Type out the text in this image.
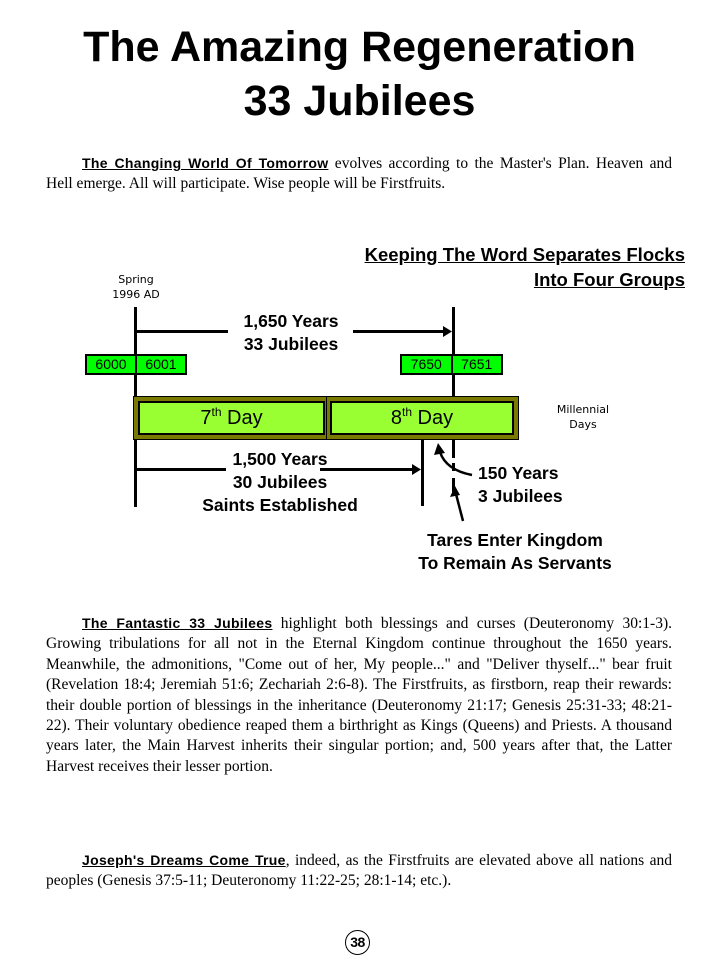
The Amazing Regeneration
33 Jubilees

The Changing World Of Tomorrow evolves according to the Master's Plan. Heaven and Hell emerge. All will participate. Wise people will be Firstfruits.

Keeping The Word Separates Flocks
Into Four Groups
Spring
1996 AD
1,650 Years
33 Jubilees
6000	6001	7650	7651
7th Day	8th Day	Millennial
Days
1,500 Years
30 Jubilees
Saints Established
150 Years
3 Jubilees
Tares Enter Kingdom
To Remain As Servants

The Fantastic 33 Jubilees highlight both blessings and curses (Deuteronomy 30:1-3). Growing tribulations for all not in the Eternal Kingdom continue throughout the 1650 years. Meanwhile, the admonitions, "Come out of her, My people..." and "Deliver thyself..." bear fruit (Revelation 18:4; Jeremiah 51:6; Zechariah 2:6-8). The Firstfruits, as firstborn, reap their rewards: their double portion of blessings in the inheritance (Deuteronomy 21:17; Genesis 25:31-33; 48:21-22). Their voluntary obedience reaped them a birthright as Kings (Queens) and Priests. A thousand years later, the Main Harvest inherits their singular portion; and, 500 years after that, the Latter Harvest receives their lesser portion.

Joseph's Dreams Come True, indeed, as the Firstfruits are elevated above all nations and peoples (Genesis 37:5-11; Deuteronomy 11:22-25; 28:1-14; etc.).

38
